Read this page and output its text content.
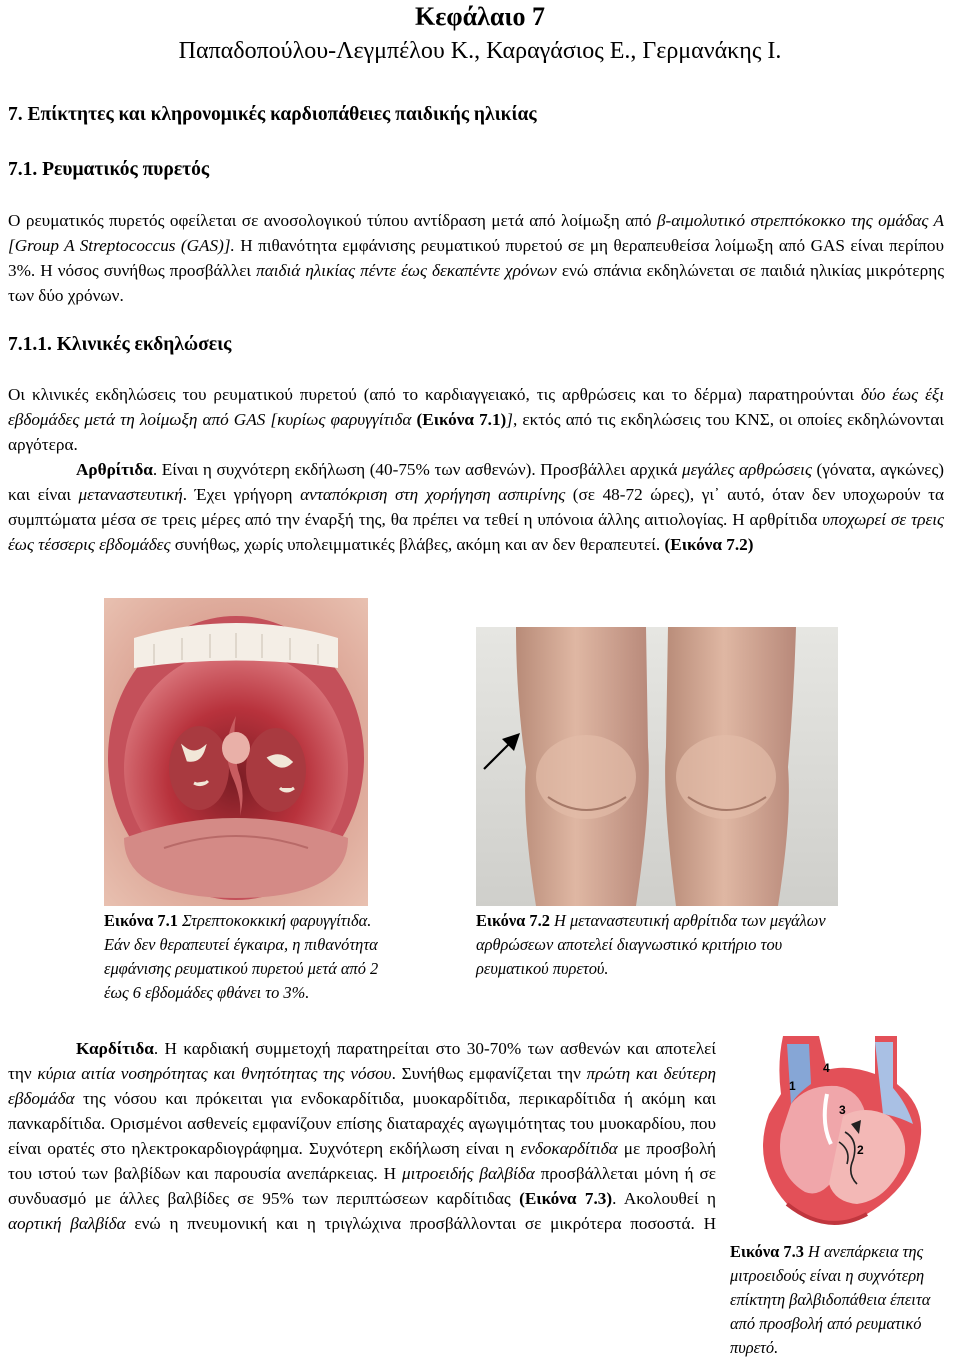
Κεφάλαιο 7
Παπαδοπούλου-Λεγμπέλου Κ., Καραγάσιος Ε., Γερμανάκης Ι.
7. Επίκτητες και κληρονομικές καρδιοπάθειες παιδικής ηλικίας
7.1. Ρευματικός πυρετός
Ο ρευματικός πυρετός οφείλεται σε ανοσολογικού τύπου αντίδραση μετά από λοίμωξη από β-αιμολυτικό στρεπτόκοκκο της ομάδας Α [Group A Streptococcus (GAS)]. Η πιθανότητα εμφάνισης ρευματικού πυρετού σε μη θεραπευθείσα λοίμωξη από GAS είναι περίπου 3%. Η νόσος συνήθως προσβάλλει παιδιά ηλικίας πέντε έως δεκαπέντε χρόνων ενώ σπάνια εκδηλώνεται σε παιδιά ηλικίας μικρότερης των δύο χρόνων.
7.1.1. Κλινικές εκδηλώσεις
Οι κλινικές εκδηλώσεις του ρευματικού πυρετού (από το καρδιαγγειακό, τις αρθρώσεις και το δέρμα) παρατηρούνται δύο έως έξι εβδομάδες μετά τη λοίμωξη από GAS [κυρίως φαρυγγίτιδα (Εικόνα 7.1)], εκτός από τις εκδηλώσεις του ΚΝΣ, οι οποίες εκδηλώνονται αργότερα.
Αρθρίτιδα. Είναι η συχνότερη εκδήλωση (40-75% των ασθενών). Προσβάλλει αρχικά μεγάλες αρθρώσεις (γόνατα, αγκώνες) και είναι μεταναστευτική. Έχει γρήγορη ανταπόκριση στη χορήγηση ασπιρίνης (σε 48-72 ώρες), γι᾽ αυτό, όταν δεν υποχωρούν τα συμπτώματα μέσα σε τρεις μέρες από την έναρξή της, θα πρέπει να τεθεί η υπόνοια άλλης αιτιολογίας. Η αρθρίτιδα υποχωρεί σε τρεις έως τέσσερις εβδομάδες συνήθως, χωρίς υπολειμματικές βλάβες, ακόμη και αν δεν θεραπευτεί. (Εικόνα 7.2)
Εικόνα 7.1 Στρεπτοκοκκική φαρυγγίτιδα. Εάν δεν θεραπευτεί έγκαιρα, η πιθανότητα εμφάνισης ρευματικού πυρετού μετά από 2 έως 6 εβδομάδες φθάνει το 3%.
Εικόνα 7.2 Η μεταναστευτική αρθρίτιδα των μεγάλων αρθρώσεων αποτελεί διαγνωστικό κριτήριο του ρευματικού πυρετού.
Καρδίτιδα. Η καρδιακή συμμετοχή παρατηρείται στο 30-70% των ασθενών και αποτελεί την κύρια αιτία νοσηρότητας και θνητότητας της νόσου. Συνήθως εμφανίζεται την πρώτη και δεύτερη εβδομάδα της νόσου και πρόκειται για ενδοκαρδίτιδα, μυοκαρδίτιδα, περικαρδίτιδα ή ακόμη και πανκαρδίτιδα. Ορισμένοι ασθενείς εμφανίζουν επίσης διαταραχές αγωγιμότητας του μυοκαρδίου, που είναι ορατές στο ηλεκτροκαρδιογράφημα. Συχνότερη εκδήλωση είναι η ενδοκαρδίτιδα με προσβολή του ιστού των βαλβίδων και παρουσία ανεπάρκειας. Η μιτροειδής βαλβίδα προσβάλλεται μόνη ή σε συνδυασμό με άλλες βαλβίδες σε 95% των περιπτώσεων καρδίτιδας (Εικόνα 7.3). Ακολουθεί η αορτική βαλβίδα ενώ η πνευμονική και η τριγλώχινα προσβάλλονται σε μικρότερα ποσοστά. Η
4
1
3
2
Εικόνα 7.3 Η ανεπάρκεια της μιτροειδούς είναι η συχνότερη επίκτητη βαλβιδοπάθεια έπειτα από προσβολή από ρευματικό πυρετό.
